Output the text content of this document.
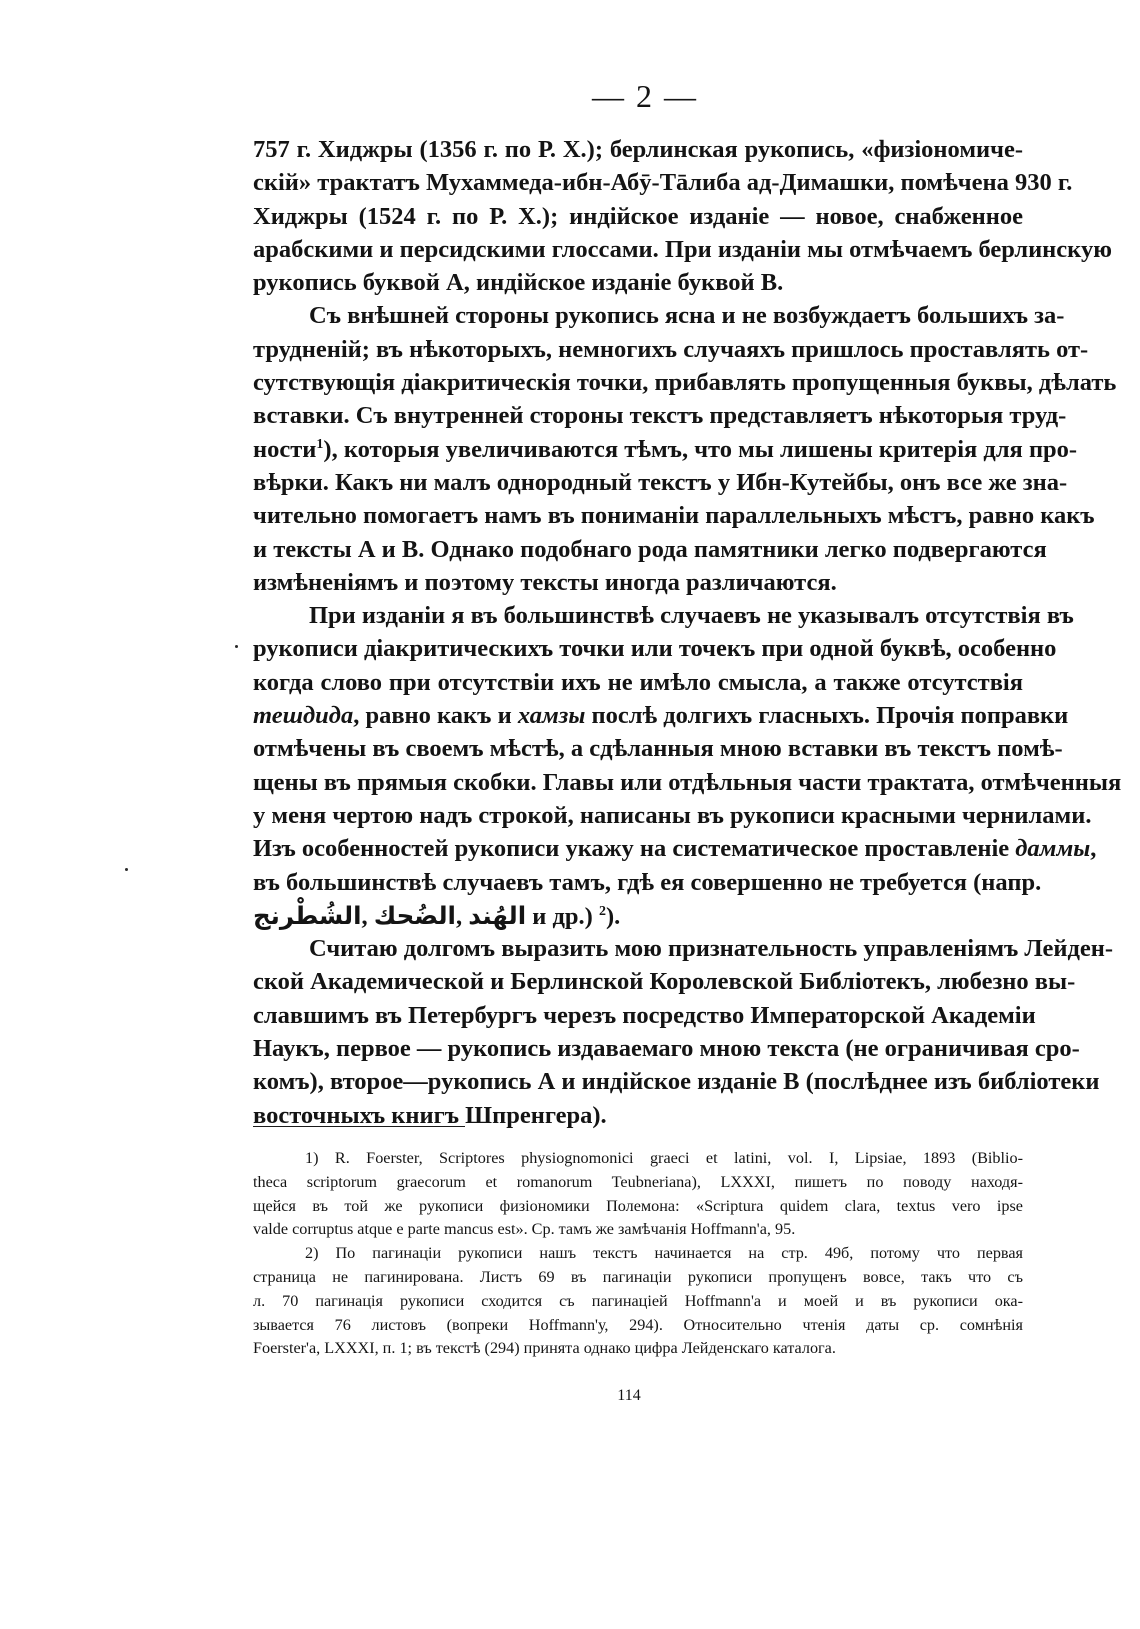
— 2 —
757 г. Хиджры (1356 г. по Р. X.); берлинская рукопись, «физіономиче-
скій» трактатъ Мухаммеда-ибн-Абӯ-Тāлиба ад-Димашки, помѣчена 930 г.
Хиджры (1524 г. по Р. X.); индійское изданіе — новое, снабженное
арабскими и персидскими глоссами. При изданіи мы отмѣчаемъ берлинскую
рукопись буквой А, индійское изданіе буквой В.
Съ внѣшней стороны рукопись ясна и не возбуждаетъ большихъ за-
трудненій; въ нѣкоторыхъ, немногихъ случаяхъ пришлось проставлять от-
сутствующія діакритическія точки, прибавлять пропущенныя буквы, дѣлать
вставки. Съ внутренней стороны текстъ представляетъ нѣкоторыя труд-
ности$^1$), которыя увеличиваются тѣмъ, что мы лишены критерія для про-
вѣрки. Какъ ни малъ однородный текстъ у Ибн-Кутейбы, онъ все же зна-
чительно помогаетъ намъ въ пониманіи параллельныхъ мѣстъ, равно какъ
и тексты А и В. Однако подобнаго рода памятники легко подвергаются
измѣненіямъ и поэтому тексты иногда различаются.
При изданіи я въ большинствѣ случаевъ не указывалъ отсутствія въ
рукописи діакритическихъ точки или точекъ при одной буквѣ, особенно
когда слово при отсутствіи ихъ не имѣло смысла, а также отсутствія
тешдида, равно какъ и хамзы послѣ долгихъ гласныхъ. Прочія поправки
отмѣчены въ своемъ мѣстѣ, а сдѣланныя мною вставки въ текстъ помѣ-
щены въ прямыя скобки. Главы или отдѣльныя части трактата, отмѣченныя
у меня чертою надъ строкой, написаны въ рукописи красными чернилами.
Изъ особенностей рукописи укажу на систематическое проставленіе даммы,
въ большинствѣ случаевъ тамъ, гдѣ ея совершенно не требуется (напр.
الشُطْرنج, الضُحك, الهُند и др.) $^2$).
Считаю долгомъ выразить мою признательность управленіямъ Лейден-
ской Академической и Берлинской Королевской Библіотекъ, любезно вы-
славшимъ въ Петербургъ черезъ посредство Императорской Академіи
Наукъ, первое — рукопись издаваемаго мною текста (не ограничивая сро-
комъ), второе—рукопись А и индійское изданіе В (послѣднее изъ библіотеки
восточныхъ книгъ Шпренгера).
1) R. Foerster, Scriptores physiognomonici graeci et latini, vol. I, Lipsiae, 1893 (Biblio-
theca scriptorum graecorum et romanorum Teubneriana), LXXXI, пишетъ по поводу находя-
щейся въ той же рукописи физіономики Полемона: «Scriptura quidem clara, textus vero ipse
valde corruptus atque e parte mancus est». Ср. тамъ же замѣчанія Hoffmann'а, 95.
2) По пагинаціи рукописи нашъ текстъ начинается на стр. 49б, потому что первая
страница не пагинирована. Листъ 69 въ пагинаціи рукописи пропущенъ вовсе, такъ что съ
л. 70 пагинація рукописи сходится съ пагинаціей Hoffmann'а и моей и въ рукописи ока-
зывается 76 листовъ (вопреки Hoffmann'у, 294). Относительно чтенія даты ср. сомнѣнія
Foerster'а, LXXXI, п. 1; въ текстѣ (294) принята однако цифра Лейденскаго каталога.
114
